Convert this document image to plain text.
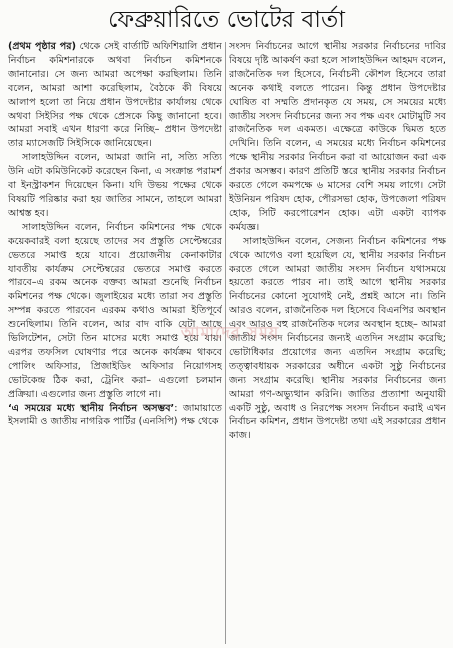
ফেব্রুয়ারিতে ভোটের বার্তা

(প্রথম পৃষ্ঠার পর) থেকে সেই বার্তাটি অফিশিয়ালি প্রধান নির্বাচন কমিশনারকে অথবা নির্বাচন কমিশনকে জানানোর। সে জন্য আমরা অপেক্ষা করছিলাম। তিনি বলেন, আমরা আশা করেছিলাম, বৈঠকে কী বিষয়ে আলাপ হলো তা নিয়ে প্রধান উপদেষ্টার কার্যালয় থেকে অথবা সিইসির পক্ষ থেকে প্রেসকে কিছু জানানো হবে। আমরা সবাই এখন ধারণা করে নিচ্ছি– প্রধান উপদেষ্টা তার ম্যাসেজটি সিইসিকে জানিয়েছেন।

সালাহউদ্দিন বলেন, আমরা জানি না, সত্যি সত্যি উনি এটা কমিউনিকেট করেছেন কিনা, এ সংক্রান্ত পরামর্শ বা ইনস্ট্রাকশন দিয়েছেন কিনা। যদি উভয় পক্ষের থেকে বিষয়টি পরিষ্কার করা হয় জাতির সামনে, তাহলে আমরা আশ্বস্ত হব।

সালাহউদ্দিন বলেন, নির্বাচন কমিশনের পক্ষ থেকে কয়েকবারই বলা হয়েছে তাদের সব প্রস্তুতি সেপ্টেম্বরের ভেতরে সমাপ্ত হয়ে যাবে। প্রয়োজনীয় কেনাকাটার যাবতীয় কার্যক্রম সেপ্টেম্বরের ভেতরে সমাপ্ত করতে পারবে–এ রকম অনেক বক্তব্য আমরা শুনেছি নির্বাচন কমিশনের পক্ষ থেকে। জুলাইয়ের মধ্যে তারা সব প্রস্তুতি সম্পন্ন করতে পারবেন এরকম কথাও আমরা ইতিপূর্বে শুনেছিলাম। তিনি বলেন, আর বাদ বাকি যেটা আছে ভিলিটেশন, সেটা তিন মাসের মধ্যে সমাপ্ত হয়ে যায়। এরপর তফসিল ঘোষণার পরে অনেক কার্যক্রম থাকবে পোলিং অফিসার, প্রিজাইডিং অফিসার নিয়োগসহ ভোটকেন্দ্র ঠিক করা, ট্রেনিং করা– এগুলো চলমান প্রক্রিয়া। এগুলোর জন্য প্রস্তুতি লাগে না।

‘এ সময়ের মধ্যে স্থানীয় নির্বাচন অসম্ভব’: জামায়াতে ইসলামী ও জাতীয় নাগরিক পার্টির (এনসিপি) পক্ষ থেকে

সংসদ নির্বাচনের আগে স্থানীয় সরকার নির্বাচনের দাবির বিষয়ে দৃষ্টি আকর্ষণ করা হলে সালাহউদ্দিন আহমদ বলেন, রাজনৈতিক দল হিসেবে, নির্বাচনী কৌশল হিসেবে তারা অনেক কথাই বলতে পারেন। কিন্তু প্রধান উপদেষ্টার ঘোষিত বা সম্মতি প্রদানকৃত যে সময়, সে সময়ের মধ্যে জাতীয় সংসদ নির্বাচনের জন্য সব পক্ষ এবং মোটামুটি সব রাজনৈতিক দল একমত। এক্ষেত্রে কাউকে দ্বিমত হতে দেখিনি। তিনি বলেন, এ সময়ের মধ্যে নির্বাচন কমিশনের পক্ষে স্থানীয় সরকার নির্বাচন করা বা আয়োজন করা এক প্রকার অসম্ভব। কারণ প্রতিটি স্তরে স্থানীয় সরকার নির্বাচন করতে গেলে কমপক্ষে ৬ মাসের বেশি সময় লাগে। সেটা ইউনিয়ন পরিষদ হোক, পৌরসভা হোক, উপজেলা পরিষদ হোক, সিটি করপোরেশন হোক। এটা একটা ব্যাপক কর্মযজ্ঞ।

সালাহউদ্দিন বলেন, সেজন্য নির্বাচন কমিশনের পক্ষ থেকে আগেও বলা হয়েছিল যে, স্থানীয় সরকার নির্বাচন করতে গেলে আমরা জাতীয় সংসদ নির্বাচন যথাসময়ে হয়তো করতে পারব না। তাই আগে স্থানীয় সরকার নির্বাচনের কোনো সুযোগই নেই, প্রশ্নই আসে না। তিনি আরও বলেন, রাজনৈতিক দল হিসেবে বিএনপির অবস্থান এবং আরও বহু রাজনৈতিক দলের অবস্থান হচ্ছে– আমরা জাতীয় সংসদ নির্বাচনের জন্যই এতদিন সংগ্রাম করেছি; ভোটাধিকার প্রয়োগের জন্য এতদিন সংগ্রাম করেছি; তত্ত্বাবধায়ক সরকারের অধীনে একটা সুষ্ঠু নির্বাচনের জন্য সংগ্রাম করেছি। স্থানীয় সরকার নির্বাচনের জন্য আমরা গণ-অভ্যুত্থান করিনি। জাতির প্রত্যাশা অনুযায়ী একটি সুষ্ঠু, অবাধ ও নিরপেক্ষ সংসদ নির্বাচন করাই এখন নির্বাচন কমিশন, প্রধান উপদেষ্টা তথা এই সরকারের প্রধান কাজ।

আমাদের সময়
